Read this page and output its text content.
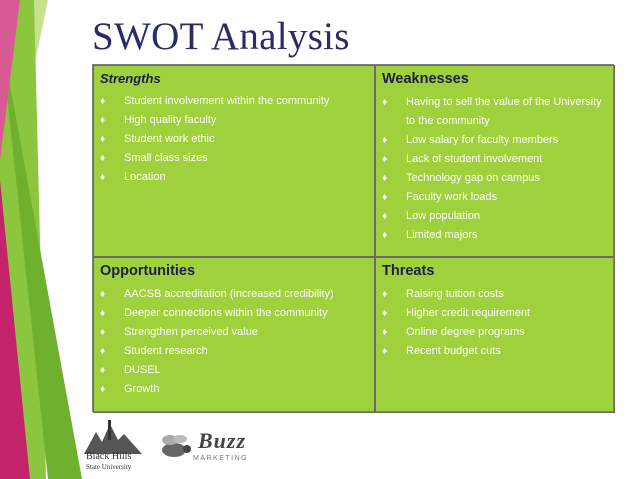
SWOT Analysis
Strengths
♦	Student involvement within the community
♦	High quality faculty
♦	Student work ethic
♦	Small class sizes
♦	Location
Weaknesses
♦	Having to sell the value of the University to the community
♦	Low salary for faculty members
♦	Lack of student involvement
♦	Technology gap on campus
♦	Faculty work loads
♦	Low population
♦	Limited majors
Opportunities
♦	AACSB accreditation (increased credibility)
♦	Deeper connections within the community
♦	Strengthen perceived value
♦	Student research
♦	DUSEL
♦	Growth
Threats
♦	Raising tuition costs
♦	Higher credit requirement
♦	Online degree programs
♦	Recent budget cuts
Black Hills
State University
Buzz
MARKETING
